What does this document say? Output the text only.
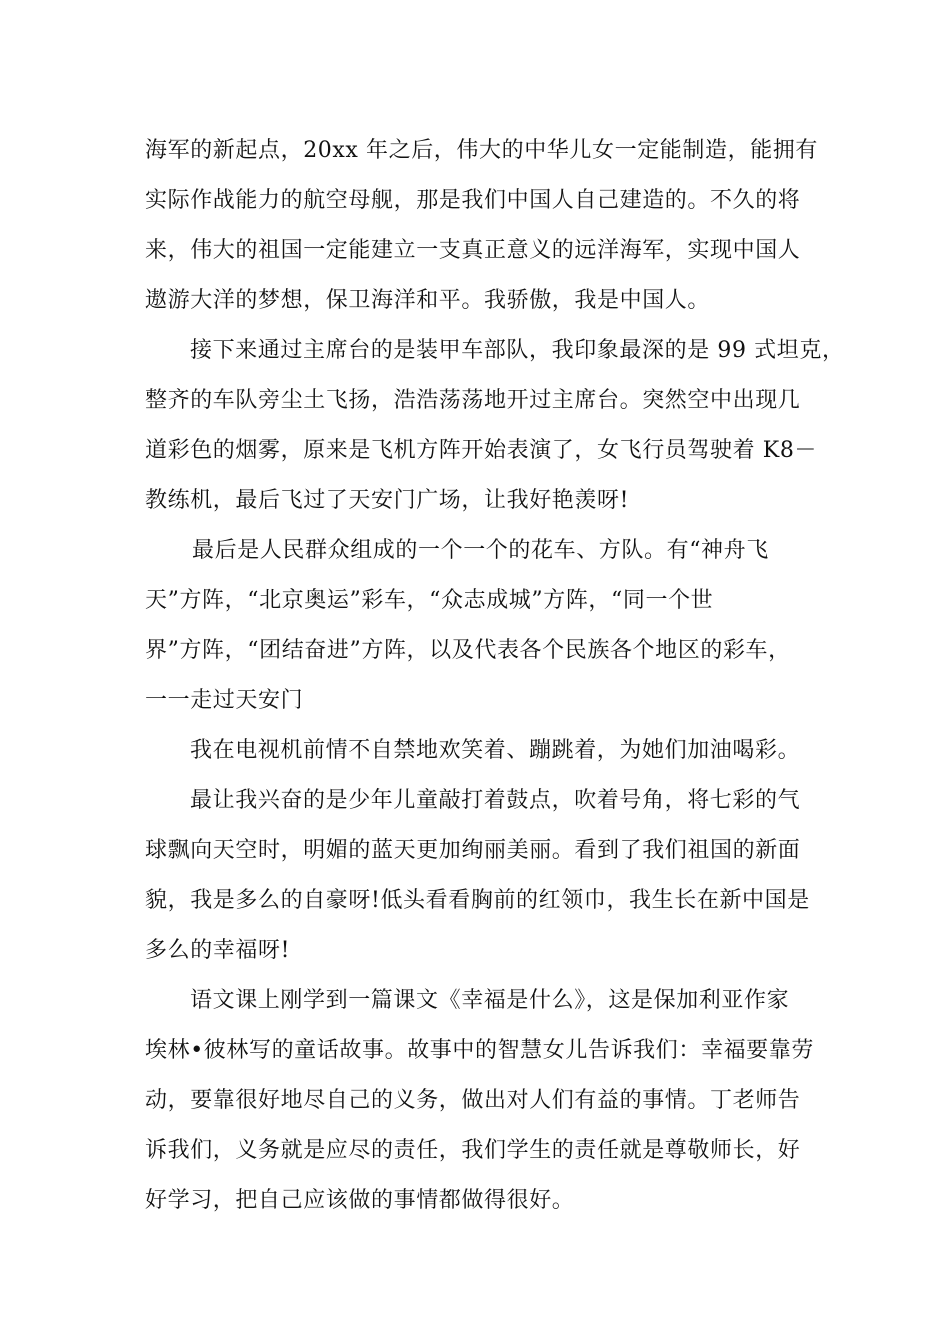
海军的新起点，20xx 年之后，伟大的中华儿女一定能制造，能拥有
实际作战能力的航空母舰，那是我们中国人自己建造的。不久的将
来，伟大的祖国一定能建立一支真正意义的远洋海军，实现中国人
遨游大洋的梦想，保卫海洋和平。我骄傲，我是中国人。
接下来通过主席台的是装甲车部队，我印象最深的是 99 式坦克，
整齐的车队旁尘土飞扬，浩浩荡荡地开过主席台。突然空中出现几
道彩色的烟雾，原来是飞机方阵开始表演了，女飞行员驾驶着 K8－
教练机，最后飞过了天安门广场，让我好艳羡呀!
最后是人民群众组成的一个一个的花车、方队。有“神舟飞
天”方阵，“北京奥运”彩车，“众志成城”方阵，“同一个世
界”方阵，“团结奋进”方阵，以及代表各个民族各个地区的彩车，
一一走过天安门
我在电视机前情不自禁地欢笑着、蹦跳着，为她们加油喝彩。
最让我兴奋的是少年儿童敲打着鼓点，吹着号角，将七彩的气
球飘向天空时，明媚的蓝天更加绚丽美丽。看到了我们祖国的新面
貌，我是多么的自豪呀!低头看看胸前的红领巾，我生长在新中国是
多么的幸福呀!
语文课上刚学到一篇课文《幸福是什么》，这是保加利亚作家
埃林•彼林写的童话故事。故事中的智慧女儿告诉我们：幸福要靠劳
动，要靠很好地尽自己的义务，做出对人们有益的事情。丁老师告
诉我们，义务就是应尽的责任，我们学生的责任就是尊敬师长，好
好学习，把自己应该做的事情都做得很好。
